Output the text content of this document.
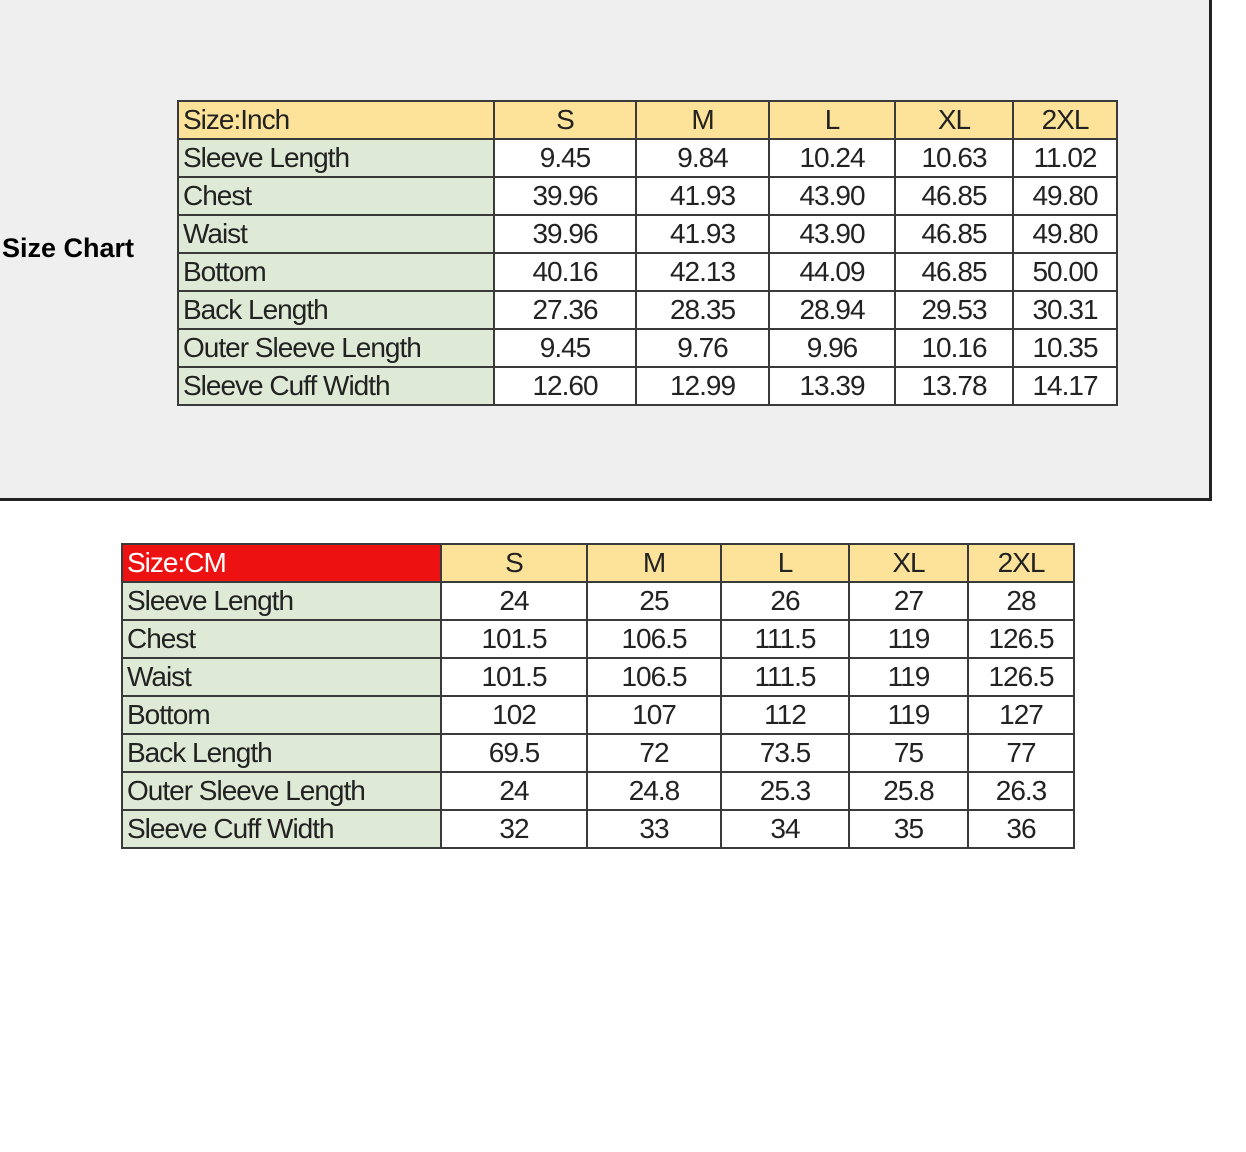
Size Chart
Size:Inch	S	M	L	XL	2XL
Sleeve Length	9.45	9.84	10.24	10.63	11.02
Chest	39.96	41.93	43.90	46.85	49.80
Waist	39.96	41.93	43.90	46.85	49.80
Bottom	40.16	42.13	44.09	46.85	50.00
Back Length	27.36	28.35	28.94	29.53	30.31
Outer Sleeve Length	9.45	9.76	9.96	10.16	10.35
Sleeve Cuff Width	12.60	12.99	13.39	13.78	14.17
Size:CM	S	M	L	XL	2XL
Sleeve Length	24	25	26	27	28
Chest	101.5	106.5	111.5	119	126.5
Waist	101.5	106.5	111.5	119	126.5
Bottom	102	107	112	119	127
Back Length	69.5	72	73.5	75	77
Outer Sleeve Length	24	24.8	25.3	25.8	26.3
Sleeve Cuff Width	32	33	34	35	36
